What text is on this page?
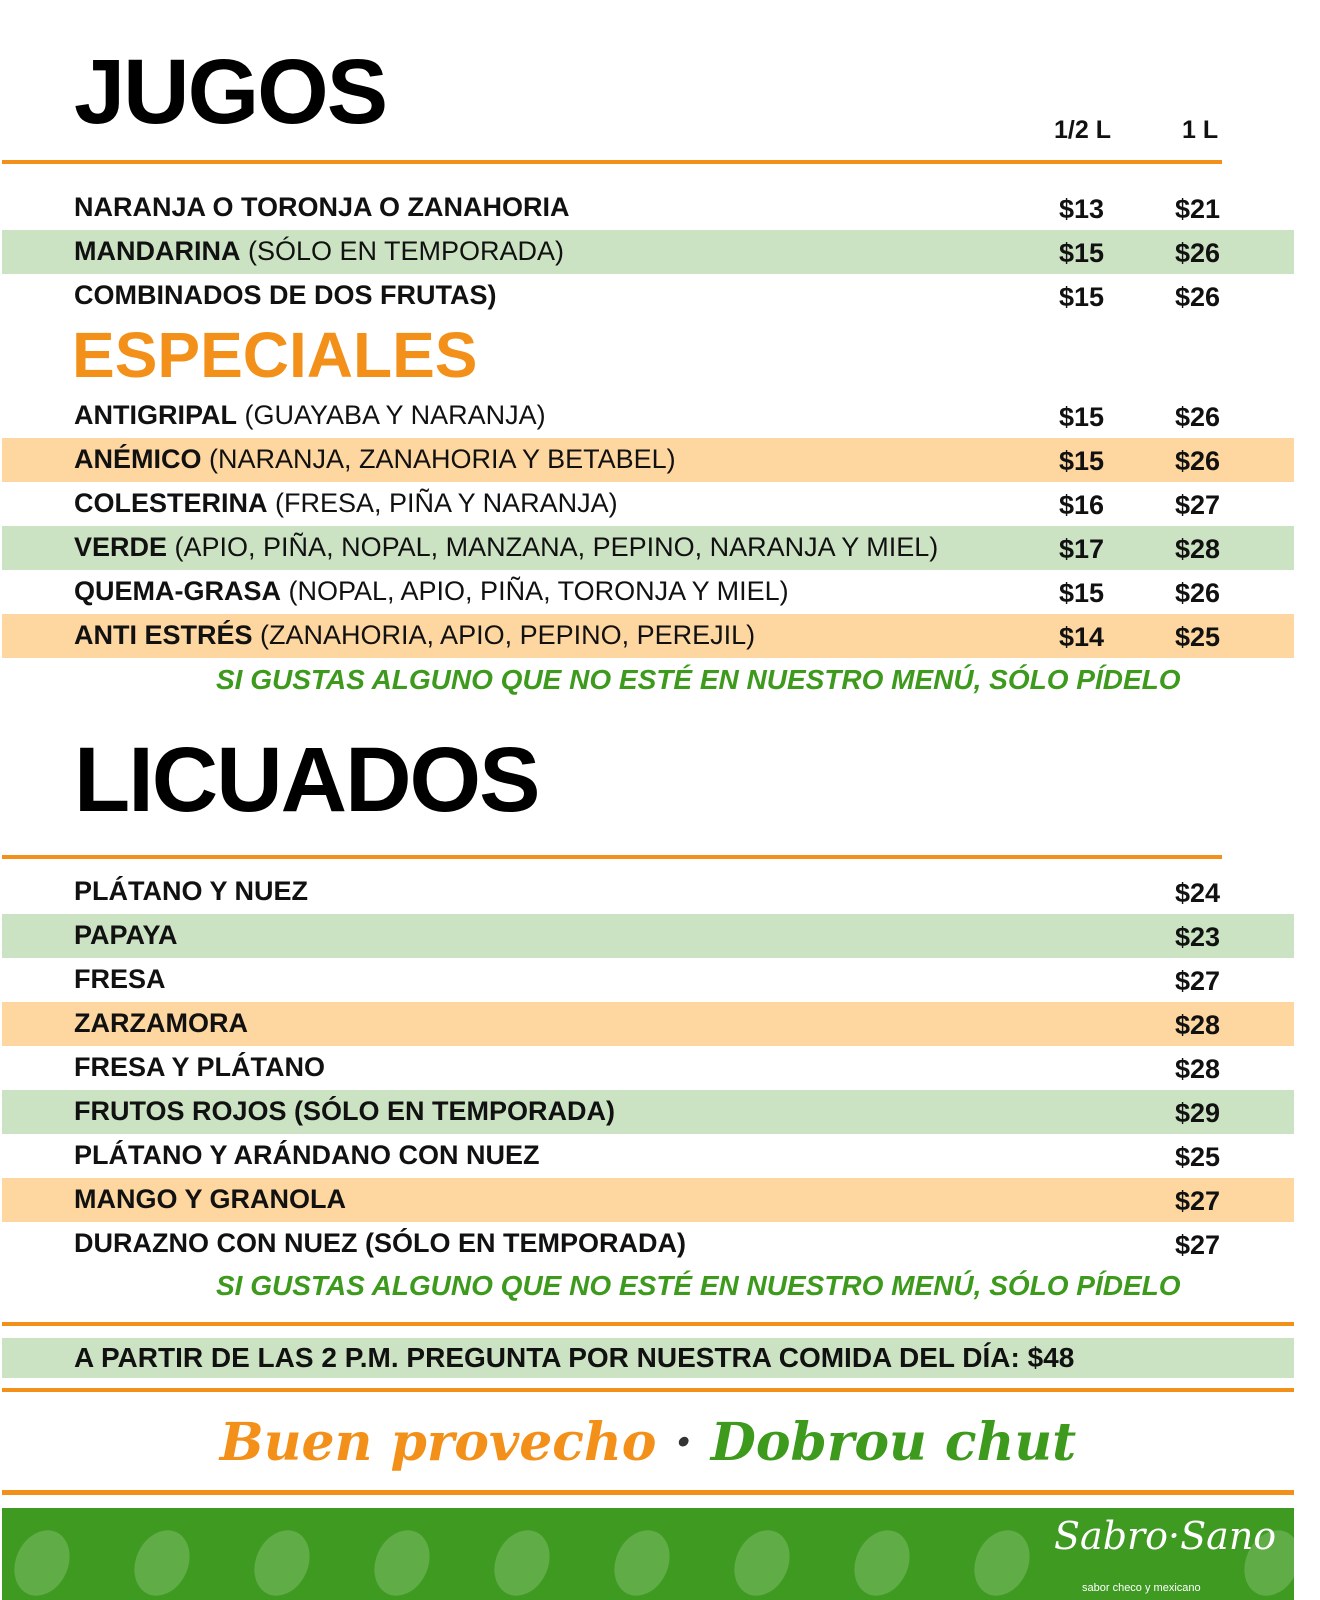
JUGOS	1/2 L	1 L
NARANJA O TORONJA O ZANAHORIA	$13	$21
MANDARINA (SÓLO EN TEMPORADA)	$15	$26
COMBINADOS DE DOS FRUTAS)	$15	$26
ESPECIALES
ANTIGRIPAL (GUAYABA Y NARANJA)	$15	$26
ANÉMICO (NARANJA, ZANAHORIA Y BETABEL)	$15	$26
COLESTERINA (FRESA, PIÑA Y NARANJA)	$16	$27
VERDE (APIO, PIÑA, NOPAL, MANZANA, PEPINO, NARANJA Y MIEL)	$17	$28
QUEMA-GRASA (NOPAL, APIO, PIÑA, TORONJA Y MIEL)	$15	$26
ANTI ESTRÉS (ZANAHORIA, APIO, PEPINO, PEREJIL)	$14	$25
SI GUSTAS ALGUNO QUE NO ESTÉ EN NUESTRO MENÚ, SÓLO PÍDELO
LICUADOS
PLÁTANO Y NUEZ	$24
PAPAYA	$23
FRESA	$27
ZARZAMORA	$28
FRESA Y PLÁTANO	$28
FRUTOS ROJOS (SÓLO EN TEMPORADA)	$29
PLÁTANO Y ARÁNDANO CON NUEZ	$25
MANGO Y GRANOLA	$27
DURAZNO CON NUEZ (SÓLO EN TEMPORADA)	$27
SI GUSTAS ALGUNO QUE NO ESTÉ EN NUESTRO MENÚ, SÓLO PÍDELO
A PARTIR DE LAS 2 P.M. PREGUNTA POR NUESTRA COMIDA DEL DÍA: $48
Buen provecho · Dobrou chut
Sabro·Sano
sabor checo y mexicano
